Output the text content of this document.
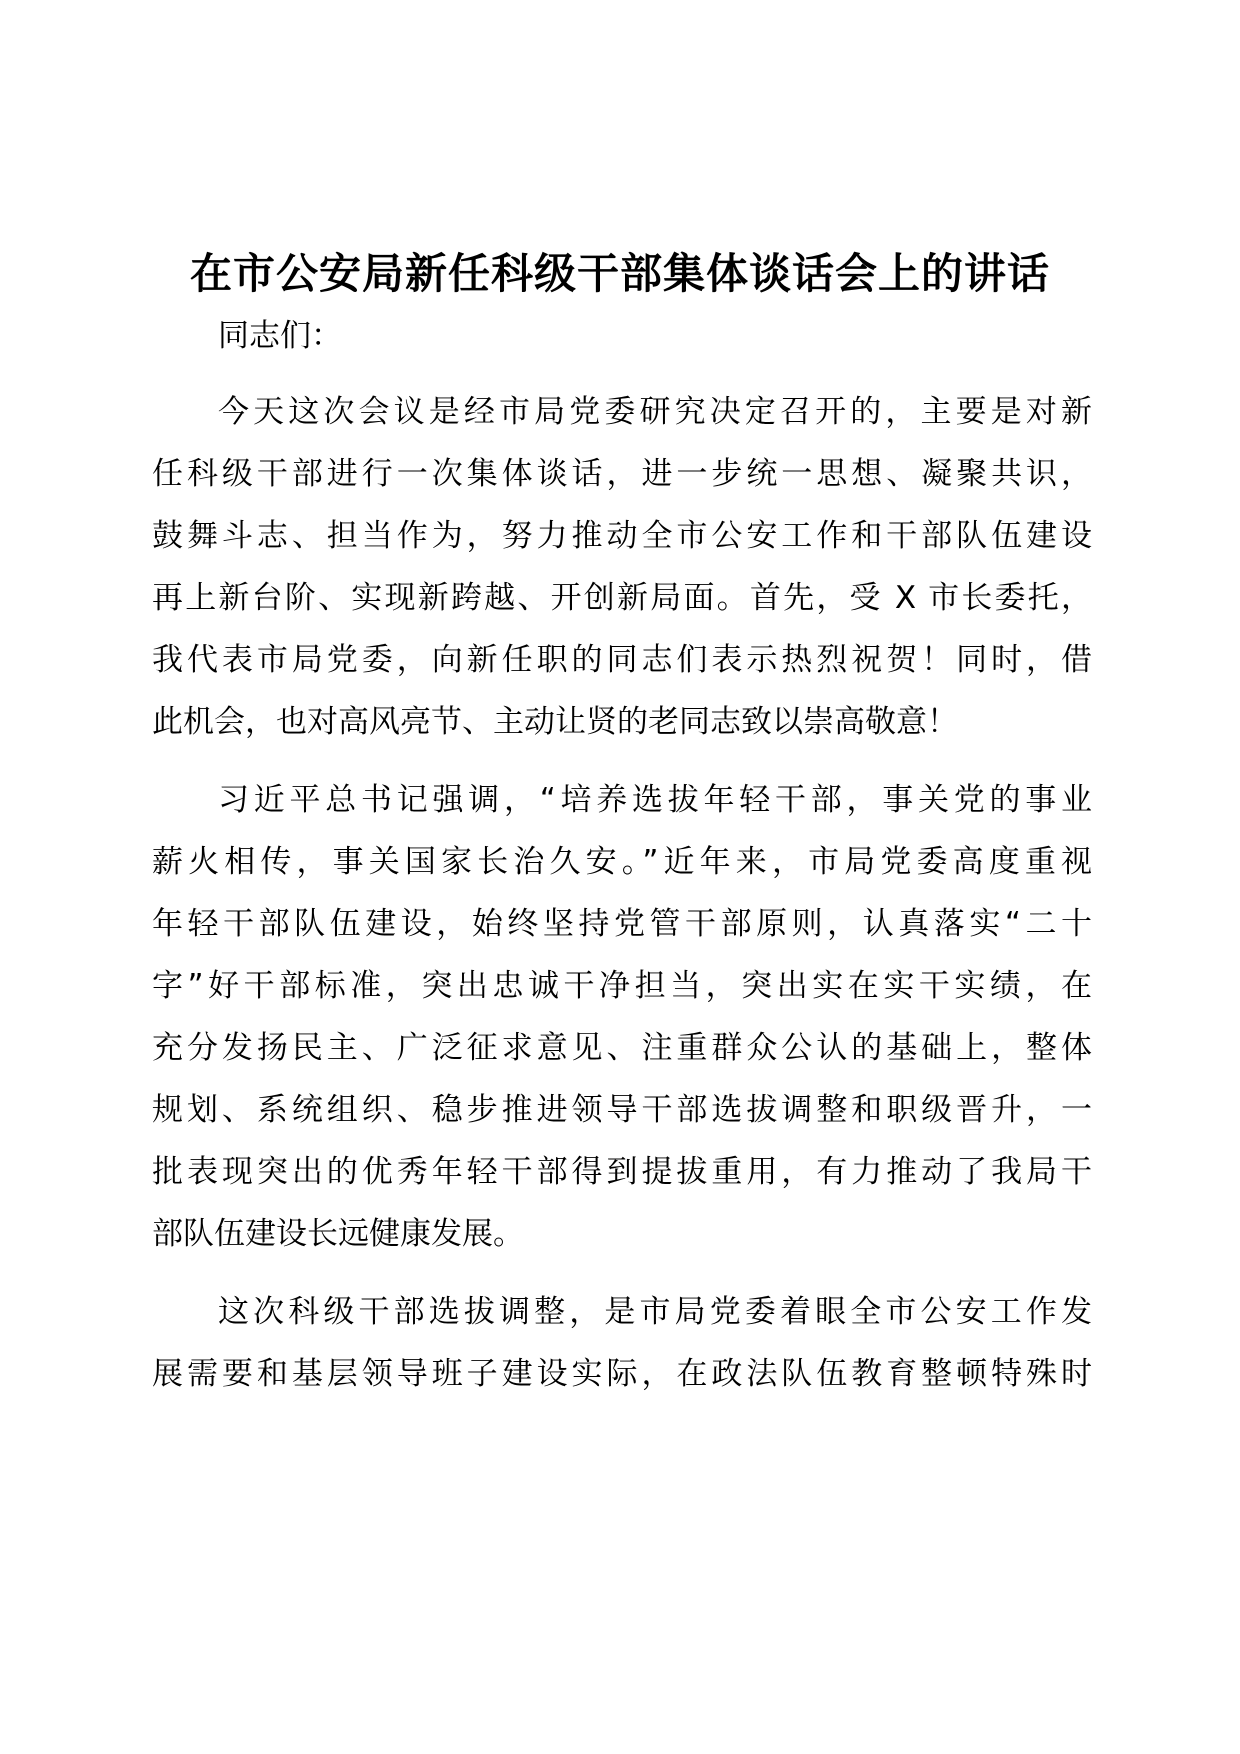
在市公安局新任科级干部集体谈话会上的讲话

同志们：

今天这次会议是经市局党委研究决定召开的，主要是对新

任科级干部进行一次集体谈话，进一步统一思想、凝聚共识，

鼓舞斗志、担当作为，努力推动全市公安工作和干部队伍建设

再上新台阶、实现新跨越、开创新局面。首先，受 X 市长委托，

我代表市局党委，向新任职的同志们表示热烈祝贺！同时，借

此机会，也对高风亮节、主动让贤的老同志致以崇高敬意！

习近平总书记强调，“培养选拔年轻干部，事关党的事业

薪火相传，事关国家长治久安。”近年来，市局党委高度重视

年轻干部队伍建设，始终坚持党管干部原则，认真落实“二十

字”好干部标准，突出忠诚干净担当，突出实在实干实绩，在

充分发扬民主、广泛征求意见、注重群众公认的基础上，整体

规划、系统组织、稳步推进领导干部选拔调整和职级晋升，一

批表现突出的优秀年轻干部得到提拔重用，有力推动了我局干

部队伍建设长远健康发展。

这次科级干部选拔调整，是市局党委着眼全市公安工作发

展需要和基层领导班子建设实际，在政法队伍教育整顿特殊时
